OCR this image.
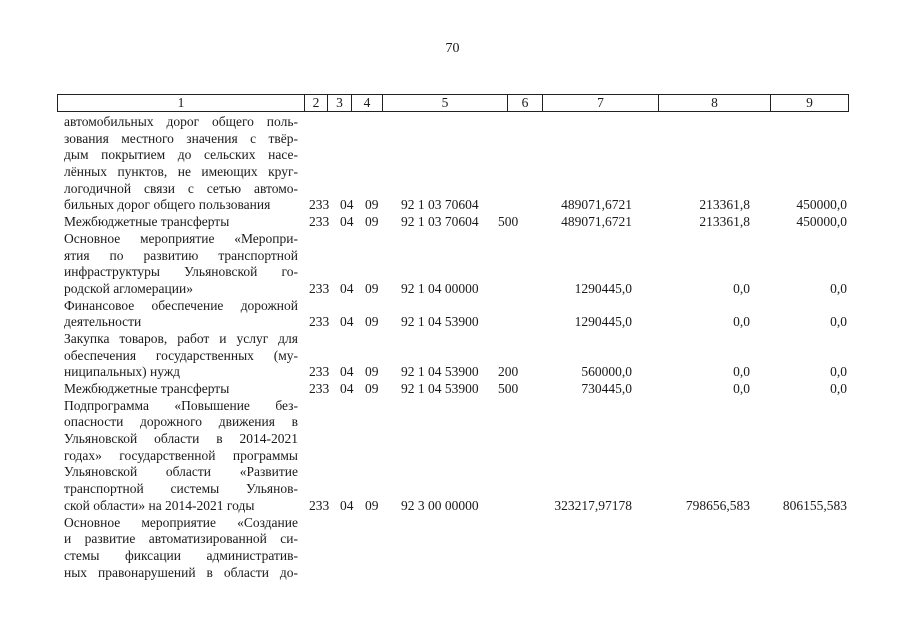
70
1	2	3	4	5	6	7	8	9
автомобильных дорог общего поль-
зования местного значения с твёр-
дым покрытием до сельских насе-
лённых пунктов, не имеющих круг-
логодичной связи с сетью автомо-
бильных дорог общего пользования	233 04 09 92 1 03 70604	489071,6721	213361,8	450000,0
Межбюджетные трансферты	233 04 09 92 1 03 70604 500	489071,6721	213361,8	450000,0
Основное мероприятие «Меропри-
ятия по развитию транспортной
инфраструктуры Ульяновской го-
родской агломерации»	233 04 09 92 1 04 00000	1290445,0	0,0	0,0
Финансовое обеспечение дорожной
деятельности	233 04 09 92 1 04 53900	1290445,0	0,0	0,0
Закупка товаров, работ и услуг для
обеспечения государственных (му-
ниципальных) нужд	233 04 09 92 1 04 53900 200	560000,0	0,0	0,0
Межбюджетные трансферты	233 04 09 92 1 04 53900 500	730445,0	0,0	0,0
Подпрограмма «Повышение без-
опасности дорожного движения в
Ульяновской области в 2014-2021
годах» государственной программы
Ульяновской области «Развитие
транспортной системы Ульянов-
ской области» на 2014-2021 годы	233 04 09 92 3 00 00000	323217,97178	798656,583	806155,583
Основное мероприятие «Создание
и развитие автоматизированной си-
стемы фиксации административ-
ных правонарушений в области до-
